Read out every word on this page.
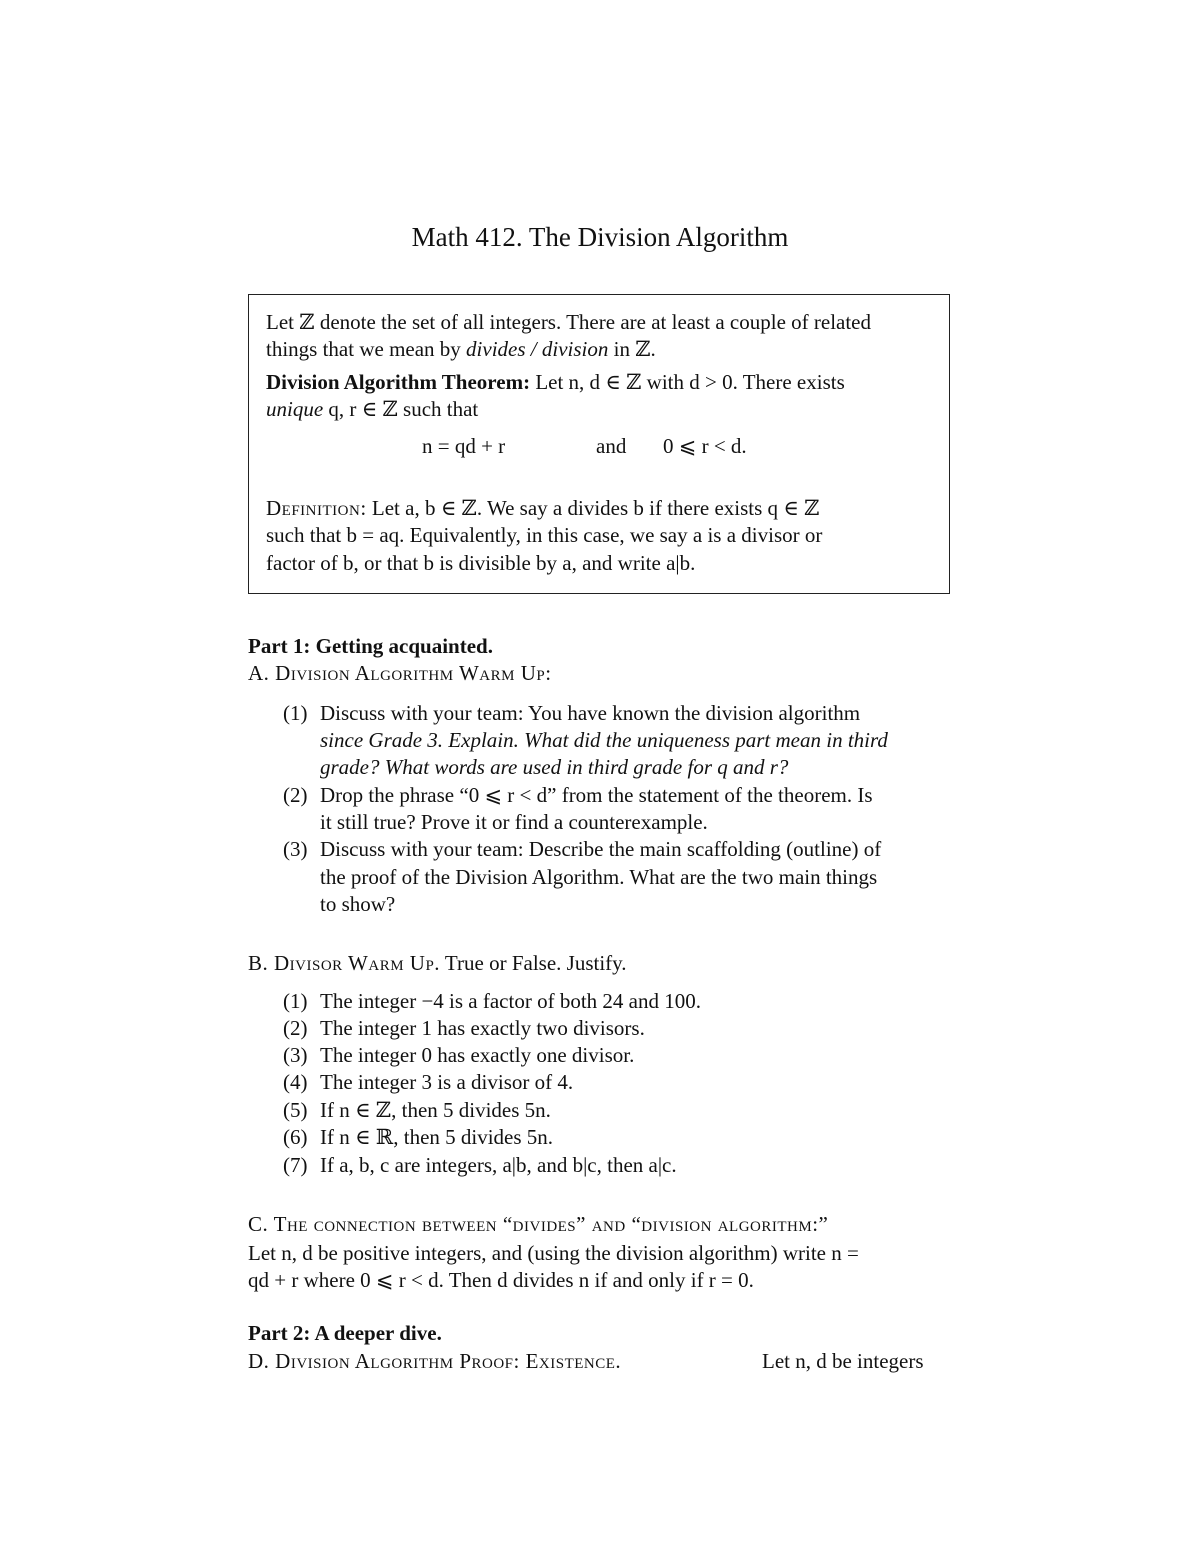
Math 412. The Division Algorithm
Let ℤ denote the set of all integers. There are at least a couple of related
things that we mean by divides / division in ℤ.
Division Algorithm Theorem: Let n, d ∈ ℤ with d > 0. There exists
unique q, r ∈ ℤ such that
n = qd + r	and 0 ⩽ r < d.
Definition: Let a, b ∈ ℤ. We say a divides b if there exists q ∈ ℤ
such that b = aq. Equivalently, in this case, we say a is a divisor or
factor of b, or that b is divisible by a, and write a|b.
Part 1: Getting acquainted.
A. Division Algorithm Warm Up:
(1) Discuss with your team: You have known the division algorithm
since Grade 3. Explain. What did the uniqueness part mean in third
grade? What words are used in third grade for q and r?
(2) Drop the phrase “0 ⩽ r < d” from the statement of the theorem. Is
it still true? Prove it or find a counterexample.
(3) Discuss with your team: Describe the main scaffolding (outline) of
the proof of the Division Algorithm. What are the two main things
to show?
B. Divisor Warm Up. True or False. Justify.
(1) The integer −4 is a factor of both 24 and 100.
(2) The integer 1 has exactly two divisors.
(3) The integer 0 has exactly one divisor.
(4) The integer 3 is a divisor of 4.
(5) If n ∈ ℤ, then 5 divides 5n.
(6) If n ∈ ℝ, then 5 divides 5n.
(7) If a, b, c are integers, a|b, and b|c, then a|c.
C. The connection between “divides” and “division algorithm:”
Let n, d be positive integers, and (using the division algorithm) write n =
qd + r where 0 ⩽ r < d. Then d divides n if and only if r = 0.
Part 2: A deeper dive.
D. Division Algorithm Proof: Existence.	Let n, d be integers
